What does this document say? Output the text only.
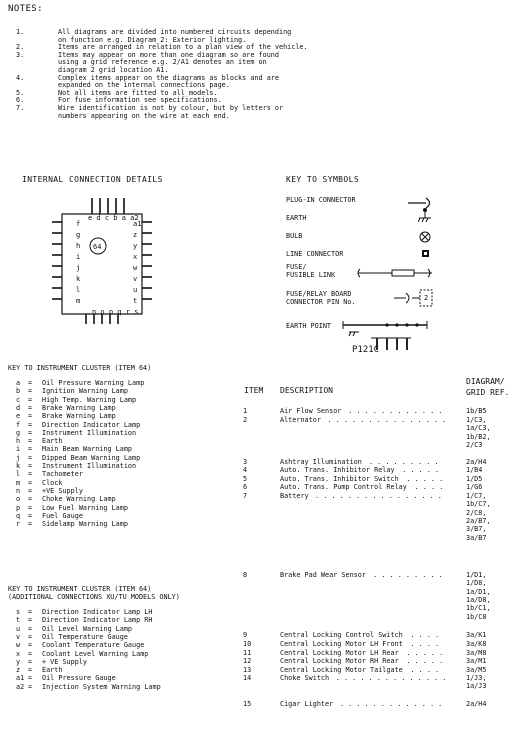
NOTES:
1.	All diagrams are divided into numbered circuits depending
on function e.g. Diagram 2: Exterior lighting.
2.	Items are arranged in relation to a plan view of the vehicle.
3.	Items may appear on more than one diagram so are found
using a grid reference e.g. 2/A1 denotes an item on
diagram 2 grid location A1.
4.	Complex items appear on the diagrams as blocks and are
expanded on the internal connections page.
5.	Not all items are fitted to all models.
6.	For fuse information see specifications.
7.	Wire identification is not by colour, but by letters or
numbers appearing on the wire at each end.
INTERNAL CONNECTION DETAILS
e d c b a a2
n o p q r s
f
g
h
i
j
k
l
m
a1
z
y
x
w
v
u
t
64
KEY TO SYMBOLS
PLUG-IN CONNECTOR
EARTH
BULB
LINE CONNECTOR
FUSE/
FUSIBLE LINK
FUSE/RELAY BOARD
CONNECTOR PIN No.
EARTH POINT
2
P121C
KEY TO INSTRUMENT CLUSTER (ITEM 64)
a = Oil Pressure Warning Lamp
b = Ignition Warning Lamp
c = High Temp. Warning Lamp
d = Brake Warning Lamp
e = Brake Warning Lamp
f = Direction Indicator Lamp
g = Instrument Illumination
h = Earth
i = Main Beam Warning Lamp
j = Dipped Beam Warning Lamp
k = Instrument Illumination
l = Tachometer
m = Clock
n = +VE Supply
o = Choke Warning Lamp
p = Low Fuel Warning Lamp
q = Fuel Gauge
r = Sidelamp Warning Lamp
KEY TO INSTRUMENT CLUSTER (ITEM 64)
(ADDITIONAL CONNECTIONS XU/TU MODELS ONLY)
s = Direction Indicator Lamp LH
t = Direction Indicator Lamp RH
u = Oil Level Warning Lamp
v = Oil Temperature Gauge
w = Coolant Temperature Gauge
x = Coolant Level Warning Lamp
y = + VE Supply
z = Earth
a1 = Oil Pressure Gauge
a2 = Injection System Warning Lamp
ITEM DESCRIPTION
DIAGRAM/
GRID REF.
1	Air Flow Sensor . . . . . . . . . . . .	1b/B5
2	Alternator . . . . . . . . . . . . . . .	1/C3,
1a/C3,
1b/B2,
2/C3
3	Ashtray Illumination . . . . . . . . .	2a/H4
4	Auto. Trans. Inhibitor Relay . . . . .	1/B4
5	Auto. Trans. Inhibitor Switch . . . . .	1/D5
6	Auto. Trans. Pump Control Relay . . . .	1/G6
7	Battery . . . . . . . . . . . . . . . .	1/C7,
1b/C7,
2/C8,
2a/B7,
3/B7,
3a/B7
8	Brake Pad Wear Sensor . . . . . . . . .	1/D1,
1/D8,
1a/D1,
1a/D8,
1b/C1,
1b/C8
9	Central Locking Control Switch . . . .	3a/K1
10	Central Locking Motor LH Front . . . .	3a/K8
11	Central Locking Motor LH Rear . . . . .	3a/M8
12	Central Locking Motor RH Rear . . . . .	3a/M1
13	Central Locking Motor Tailgate . . . .	3a/M5
14	Choke Switch . . . . . . . . . . . . . .	1/J3,
1a/J3
15	Cigar Lighter . . . . . . . . . . . . .	2a/H4
